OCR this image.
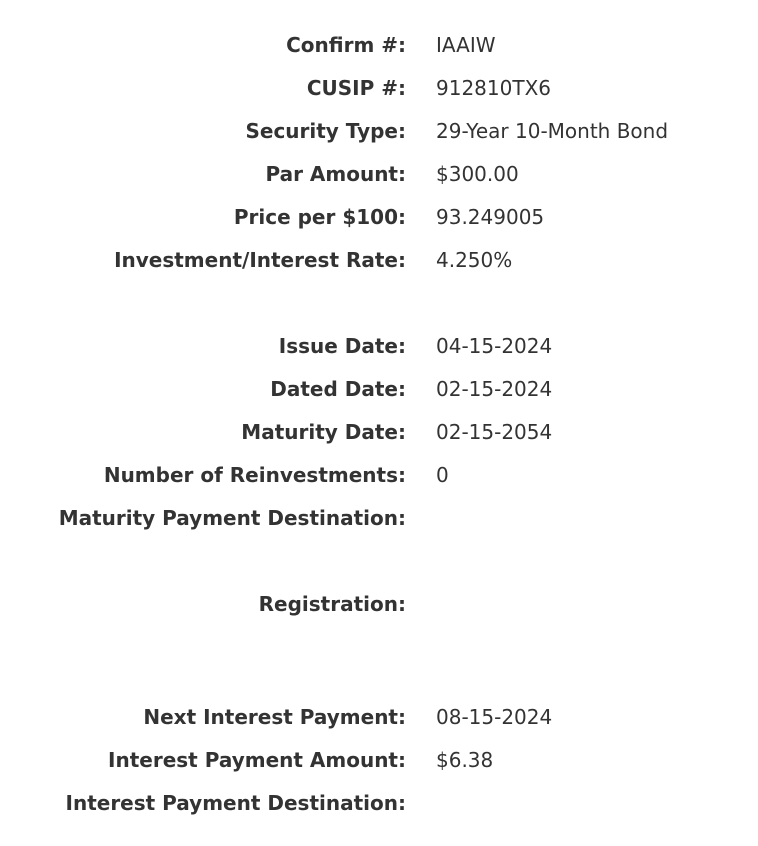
Confirm #: IAAIW
CUSIP #: 912810TX6
Security Type: 29-Year 10-Month Bond
Par Amount: $300.00
Price per $100: 93.249005
Investment/Interest Rate: 4.250%
Issue Date: 04-15-2024
Dated Date: 02-15-2024
Maturity Date: 02-15-2054
Number of Reinvestments: 0
Maturity Payment Destination:
Registration:
Next Interest Payment: 08-15-2024
Interest Payment Amount: $6.38
Interest Payment Destination:
